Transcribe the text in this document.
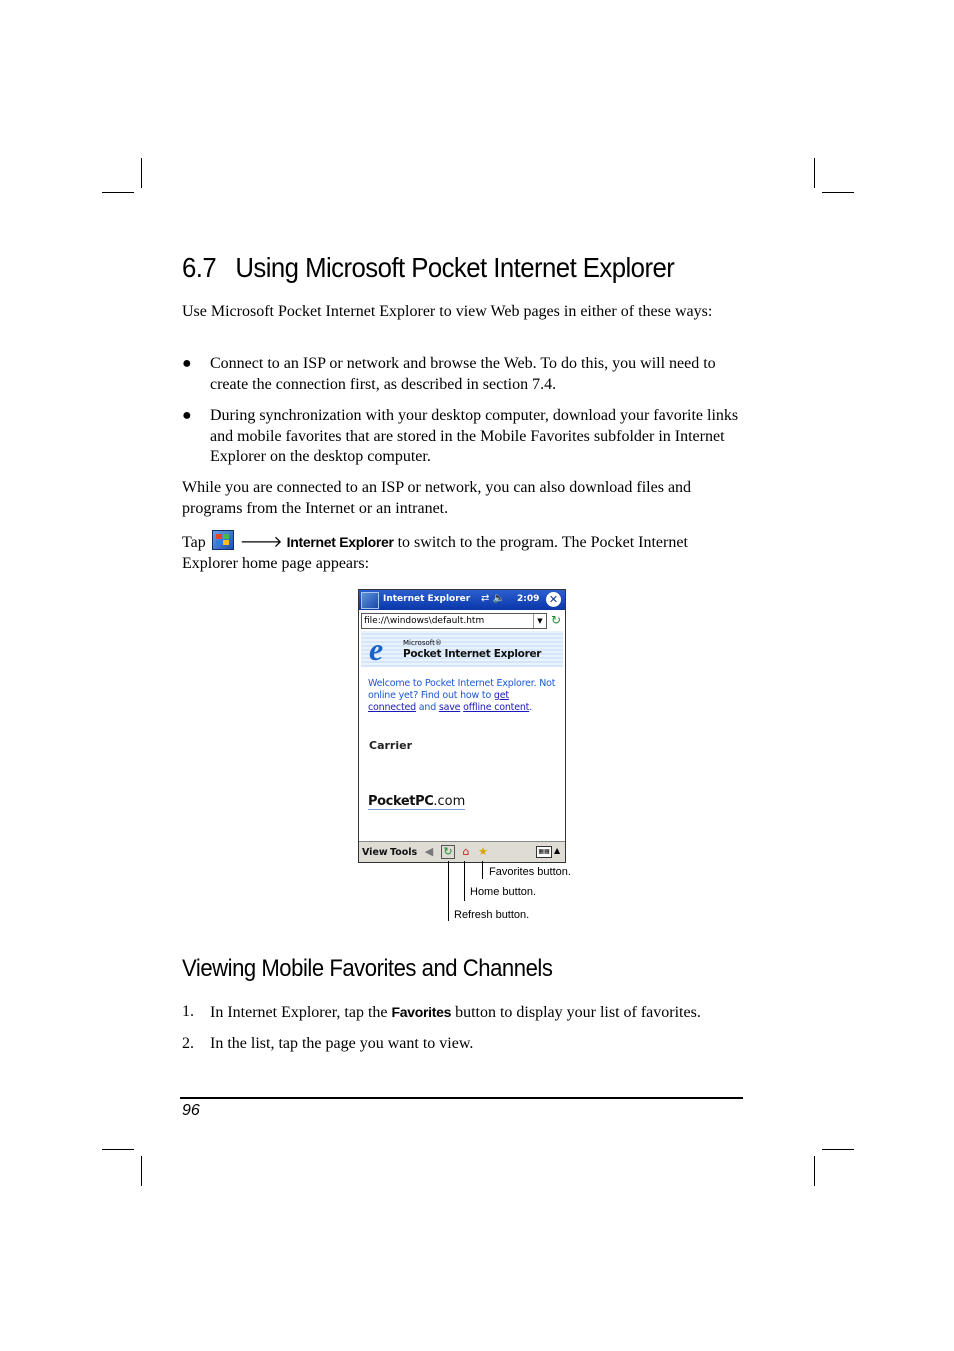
6.7 Using Microsoft Pocket Internet Explorer

Use Microsoft Pocket Internet Explorer to view Web pages in either of these ways:

●	Connect to an ISP or network and browse the Web. To do this, you will need to create the connection first, as described in section 7.4.
●	During synchronization with your desktop computer, download your favorite links and mobile favorites that are stored in the Mobile Favorites subfolder in Internet Explorer on the desktop computer.

While you are connected to an ISP or network, you can also download files and programs from the Internet or an intranet.

Tap 🡒 Internet Explorer to switch to the program. The Pocket Internet Explorer home page appears:

Internet Explorer ⇄ 🔈 2:09 ✕
file://\windows\default.htm	▼ ↻
e	Microsoft®
Pocket Internet Explorer
Welcome to Pocket Internet Explorer. Not online yet? Find out how to get connected and save offline content.
Carrier
PocketPC.com
View Tools ◀ ↻ ⌂ ★	▦▦ ▲
Favorites button.
Home button.
Refresh button.
Viewing Mobile Favorites and Channels
1. In Internet Explorer, tap the Favorites button to display your list of favorites.
2. In the list, tap the page you want to view.
96
